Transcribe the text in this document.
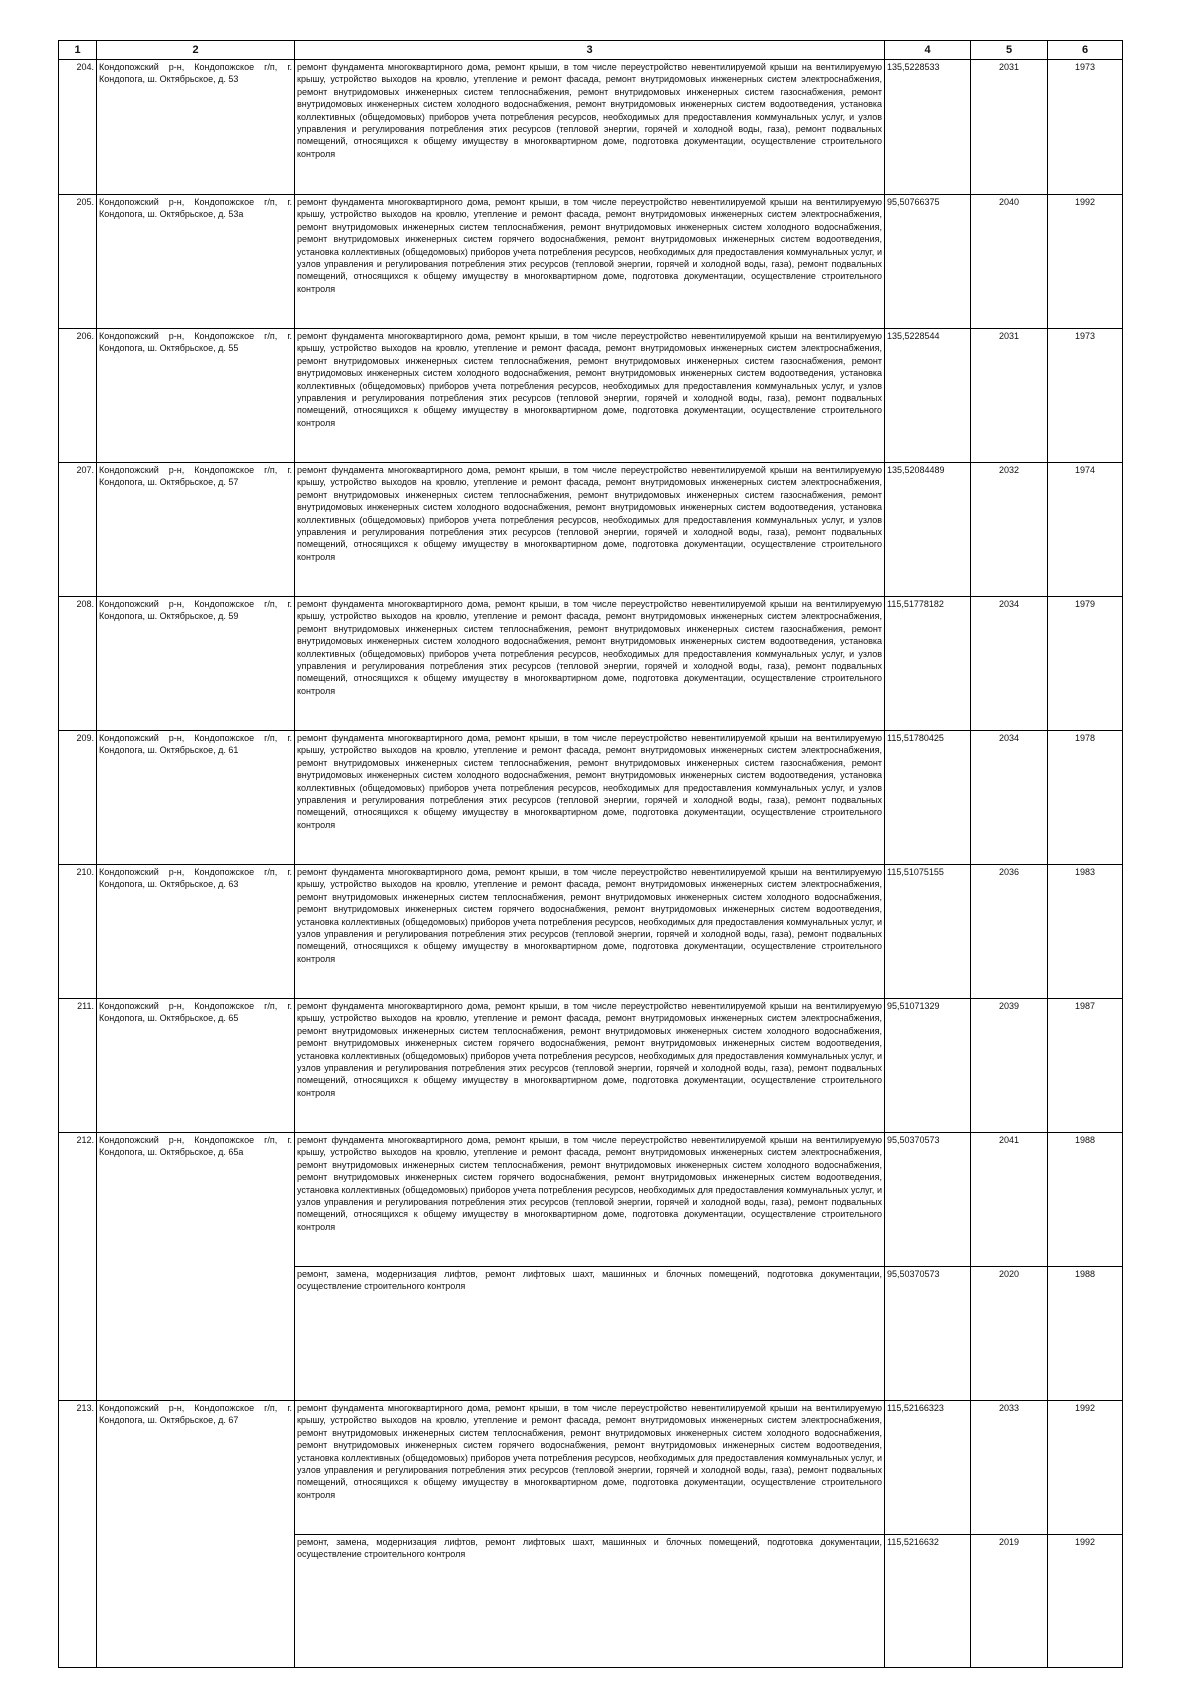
1	2	3	4	5	6
204.	Кондопожский р-н, Кондопожское г/п, г. Кондопога, ш. Октябрьское, д. 53	ремонт фундамента многоквартирного дома, ремонт крыши, в том числе переустройство невентилируемой крыши на вентилируемую крышу, устройство выходов на кровлю, утепление и ремонт фасада, ремонт внутридомовых инженерных систем электроснабжения, ремонт внутридомовых инженерных систем теплоснабжения, ремонт внутридомовых инженерных систем газоснабжения, ремонт внутридомовых инженерных систем холодного водоснабжения, ремонт внутридомовых инженерных систем водоотведения, установка коллективных (общедомовых) приборов учета потребления ресурсов, необходимых для предоставления коммунальных услуг, и узлов управления и регулирования потребления этих ресурсов (тепловой энергии, горячей и холодной воды, газа), ремонт подвальных помещений, относящихся к общему имуществу в многоквартирном доме, подготовка документации, осуществление строительного контроля	135,5228533	2031	1973
205.	Кондопожский р-н, Кондопожское г/п, г. Кондопога, ш. Октябрьское, д. 53а	ремонт фундамента многоквартирного дома, ремонт крыши, в том числе переустройство невентилируемой крыши на вентилируемую крышу, устройство выходов на кровлю, утепление и ремонт фасада, ремонт внутридомовых инженерных систем электроснабжения, ремонт внутридомовых инженерных систем теплоснабжения, ремонт внутридомовых инженерных систем холодного водоснабжения, ремонт внутридомовых инженерных систем горячего водоснабжения, ремонт внутридомовых инженерных систем водоотведения, установка коллективных (общедомовых) приборов учета потребления ресурсов, необходимых для предоставления коммунальных услуг, и узлов управления и регулирования потребления этих ресурсов (тепловой энергии, горячей и холодной воды, газа), ремонт подвальных помещений, относящихся к общему имуществу в многоквартирном доме, подготовка документации, осуществление строительного контроля	95,50766375	2040	1992
206.	Кондопожский р-н, Кондопожское г/п, г. Кондопога, ш. Октябрьское, д. 55	ремонт фундамента многоквартирного дома, ремонт крыши, в том числе переустройство невентилируемой крыши на вентилируемую крышу, устройство выходов на кровлю, утепление и ремонт фасада, ремонт внутридомовых инженерных систем электроснабжения, ремонт внутридомовых инженерных систем теплоснабжения, ремонт внутридомовых инженерных систем газоснабжения, ремонт внутридомовых инженерных систем холодного водоснабжения, ремонт внутридомовых инженерных систем водоотведения, установка коллективных (общедомовых) приборов учета потребления ресурсов, необходимых для предоставления коммунальных услуг, и узлов управления и регулирования потребления этих ресурсов (тепловой энергии, горячей и холодной воды, газа), ремонт подвальных помещений, относящихся к общему имуществу в многоквартирном доме, подготовка документации, осуществление строительного контроля	135,5228544	2031	1973
207.	Кондопожский р-н, Кондопожское г/п, г. Кондопога, ш. Октябрьское, д. 57	ремонт фундамента многоквартирного дома, ремонт крыши, в том числе переустройство невентилируемой крыши на вентилируемую крышу, устройство выходов на кровлю, утепление и ремонт фасада, ремонт внутридомовых инженерных систем электроснабжения, ремонт внутридомовых инженерных систем теплоснабжения, ремонт внутридомовых инженерных систем газоснабжения, ремонт внутридомовых инженерных систем холодного водоснабжения, ремонт внутридомовых инженерных систем водоотведения, установка коллективных (общедомовых) приборов учета потребления ресурсов, необходимых для предоставления коммунальных услуг, и узлов управления и регулирования потребления этих ресурсов (тепловой энергии, горячей и холодной воды, газа), ремонт подвальных помещений, относящихся к общему имуществу в многоквартирном доме, подготовка документации, осуществление строительного контроля	135,52084489	2032	1974
208.	Кондопожский р-н, Кондопожское г/п, г. Кондопога, ш. Октябрьское, д. 59	ремонт фундамента многоквартирного дома, ремонт крыши, в том числе переустройство невентилируемой крыши на вентилируемую крышу, устройство выходов на кровлю, утепление и ремонт фасада, ремонт внутридомовых инженерных систем электроснабжения, ремонт внутридомовых инженерных систем теплоснабжения, ремонт внутридомовых инженерных систем газоснабжения, ремонт внутридомовых инженерных систем холодного водоснабжения, ремонт внутридомовых инженерных систем водоотведения, установка коллективных (общедомовых) приборов учета потребления ресурсов, необходимых для предоставления коммунальных услуг, и узлов управления и регулирования потребления этих ресурсов (тепловой энергии, горячей и холодной воды, газа), ремонт подвальных помещений, относящихся к общему имуществу в многоквартирном доме, подготовка документации, осуществление строительного контроля	115,51778182	2034	1979
209.	Кондопожский р-н, Кондопожское г/п, г. Кондопога, ш. Октябрьское, д. 61	ремонт фундамента многоквартирного дома, ремонт крыши, в том числе переустройство невентилируемой крыши на вентилируемую крышу, устройство выходов на кровлю, утепление и ремонт фасада, ремонт внутридомовых инженерных систем электроснабжения, ремонт внутридомовых инженерных систем теплоснабжения, ремонт внутридомовых инженерных систем газоснабжения, ремонт внутридомовых инженерных систем холодного водоснабжения, ремонт внутридомовых инженерных систем водоотведения, установка коллективных (общедомовых) приборов учета потребления ресурсов, необходимых для предоставления коммунальных услуг, и узлов управления и регулирования потребления этих ресурсов (тепловой энергии, горячей и холодной воды, газа), ремонт подвальных помещений, относящихся к общему имуществу в многоквартирном доме, подготовка документации, осуществление строительного контроля	115,51780425	2034	1978
210.	Кондопожский р-н, Кондопожское г/п, г. Кондопога, ш. Октябрьское, д. 63	ремонт фундамента многоквартирного дома, ремонт крыши, в том числе переустройство невентилируемой крыши на вентилируемую крышу, устройство выходов на кровлю, утепление и ремонт фасада, ремонт внутридомовых инженерных систем электроснабжения, ремонт внутридомовых инженерных систем теплоснабжения, ремонт внутридомовых инженерных систем холодного водоснабжения, ремонт внутридомовых инженерных систем горячего водоснабжения, ремонт внутридомовых инженерных систем водоотведения, установка коллективных (общедомовых) приборов учета потребления ресурсов, необходимых для предоставления коммунальных услуг, и узлов управления и регулирования потребления этих ресурсов (тепловой энергии, горячей и холодной воды, газа), ремонт подвальных помещений, относящихся к общему имуществу в многоквартирном доме, подготовка документации, осуществление строительного контроля	115,51075155	2036	1983
211.	Кондопожский р-н, Кондопожское г/п, г. Кондопога, ш. Октябрьское, д. 65	ремонт фундамента многоквартирного дома, ремонт крыши, в том числе переустройство невентилируемой крыши на вентилируемую крышу, устройство выходов на кровлю, утепление и ремонт фасада, ремонт внутридомовых инженерных систем электроснабжения, ремонт внутридомовых инженерных систем теплоснабжения, ремонт внутридомовых инженерных систем холодного водоснабжения, ремонт внутридомовых инженерных систем горячего водоснабжения, ремонт внутридомовых инженерных систем водоотведения, установка коллективных (общедомовых) приборов учета потребления ресурсов, необходимых для предоставления коммунальных услуг, и узлов управления и регулирования потребления этих ресурсов (тепловой энергии, горячей и холодной воды, газа), ремонт подвальных помещений, относящихся к общему имуществу в многоквартирном доме, подготовка документации, осуществление строительного контроля	95,51071329	2039	1987
212.	Кондопожский р-н, Кондопожское г/п, г. Кондопога, ш. Октябрьское, д. 65а	ремонт фундамента многоквартирного дома, ремонт крыши, в том числе переустройство невентилируемой крыши на вентилируемую крышу, устройство выходов на кровлю, утепление и ремонт фасада, ремонт внутридомовых инженерных систем электроснабжения, ремонт внутридомовых инженерных систем теплоснабжения, ремонт внутридомовых инженерных систем холодного водоснабжения, ремонт внутридомовых инженерных систем горячего водоснабжения, ремонт внутридомовых инженерных систем водоотведения, установка коллективных (общедомовых) приборов учета потребления ресурсов, необходимых для предоставления коммунальных услуг, и узлов управления и регулирования потребления этих ресурсов (тепловой энергии, горячей и холодной воды, газа), ремонт подвальных помещений, относящихся к общему имуществу в многоквартирном доме, подготовка документации, осуществление строительного контроля	95,50370573	2041	1988
		ремонт, замена, модернизация лифтов, ремонт лифтовых шахт, машинных и блочных помещений, подготовка документации, осуществление строительного контроля	95,50370573	2020	1988
213.	Кондопожский р-н, Кондопожское г/п, г. Кондопога, ш. Октябрьское, д. 67	ремонт фундамента многоквартирного дома, ремонт крыши, в том числе переустройство невентилируемой крыши на вентилируемую крышу, устройство выходов на кровлю, утепление и ремонт фасада, ремонт внутридомовых инженерных систем электроснабжения, ремонт внутридомовых инженерных систем теплоснабжения, ремонт внутридомовых инженерных систем холодного водоснабжения, ремонт внутридомовых инженерных систем горячего водоснабжения, ремонт внутридомовых инженерных систем водоотведения, установка коллективных (общедомовых) приборов учета потребления ресурсов, необходимых для предоставления коммунальных услуг, и узлов управления и регулирования потребления этих ресурсов (тепловой энергии, горячей и холодной воды, газа), ремонт подвальных помещений, относящихся к общему имуществу в многоквартирном доме, подготовка документации, осуществление строительного контроля	115,52166323	2033	1992
		ремонт, замена, модернизация лифтов, ремонт лифтовых шахт, машинных и блочных помещений, подготовка документации, осуществление строительного контроля	115,5216632	2019	1992
